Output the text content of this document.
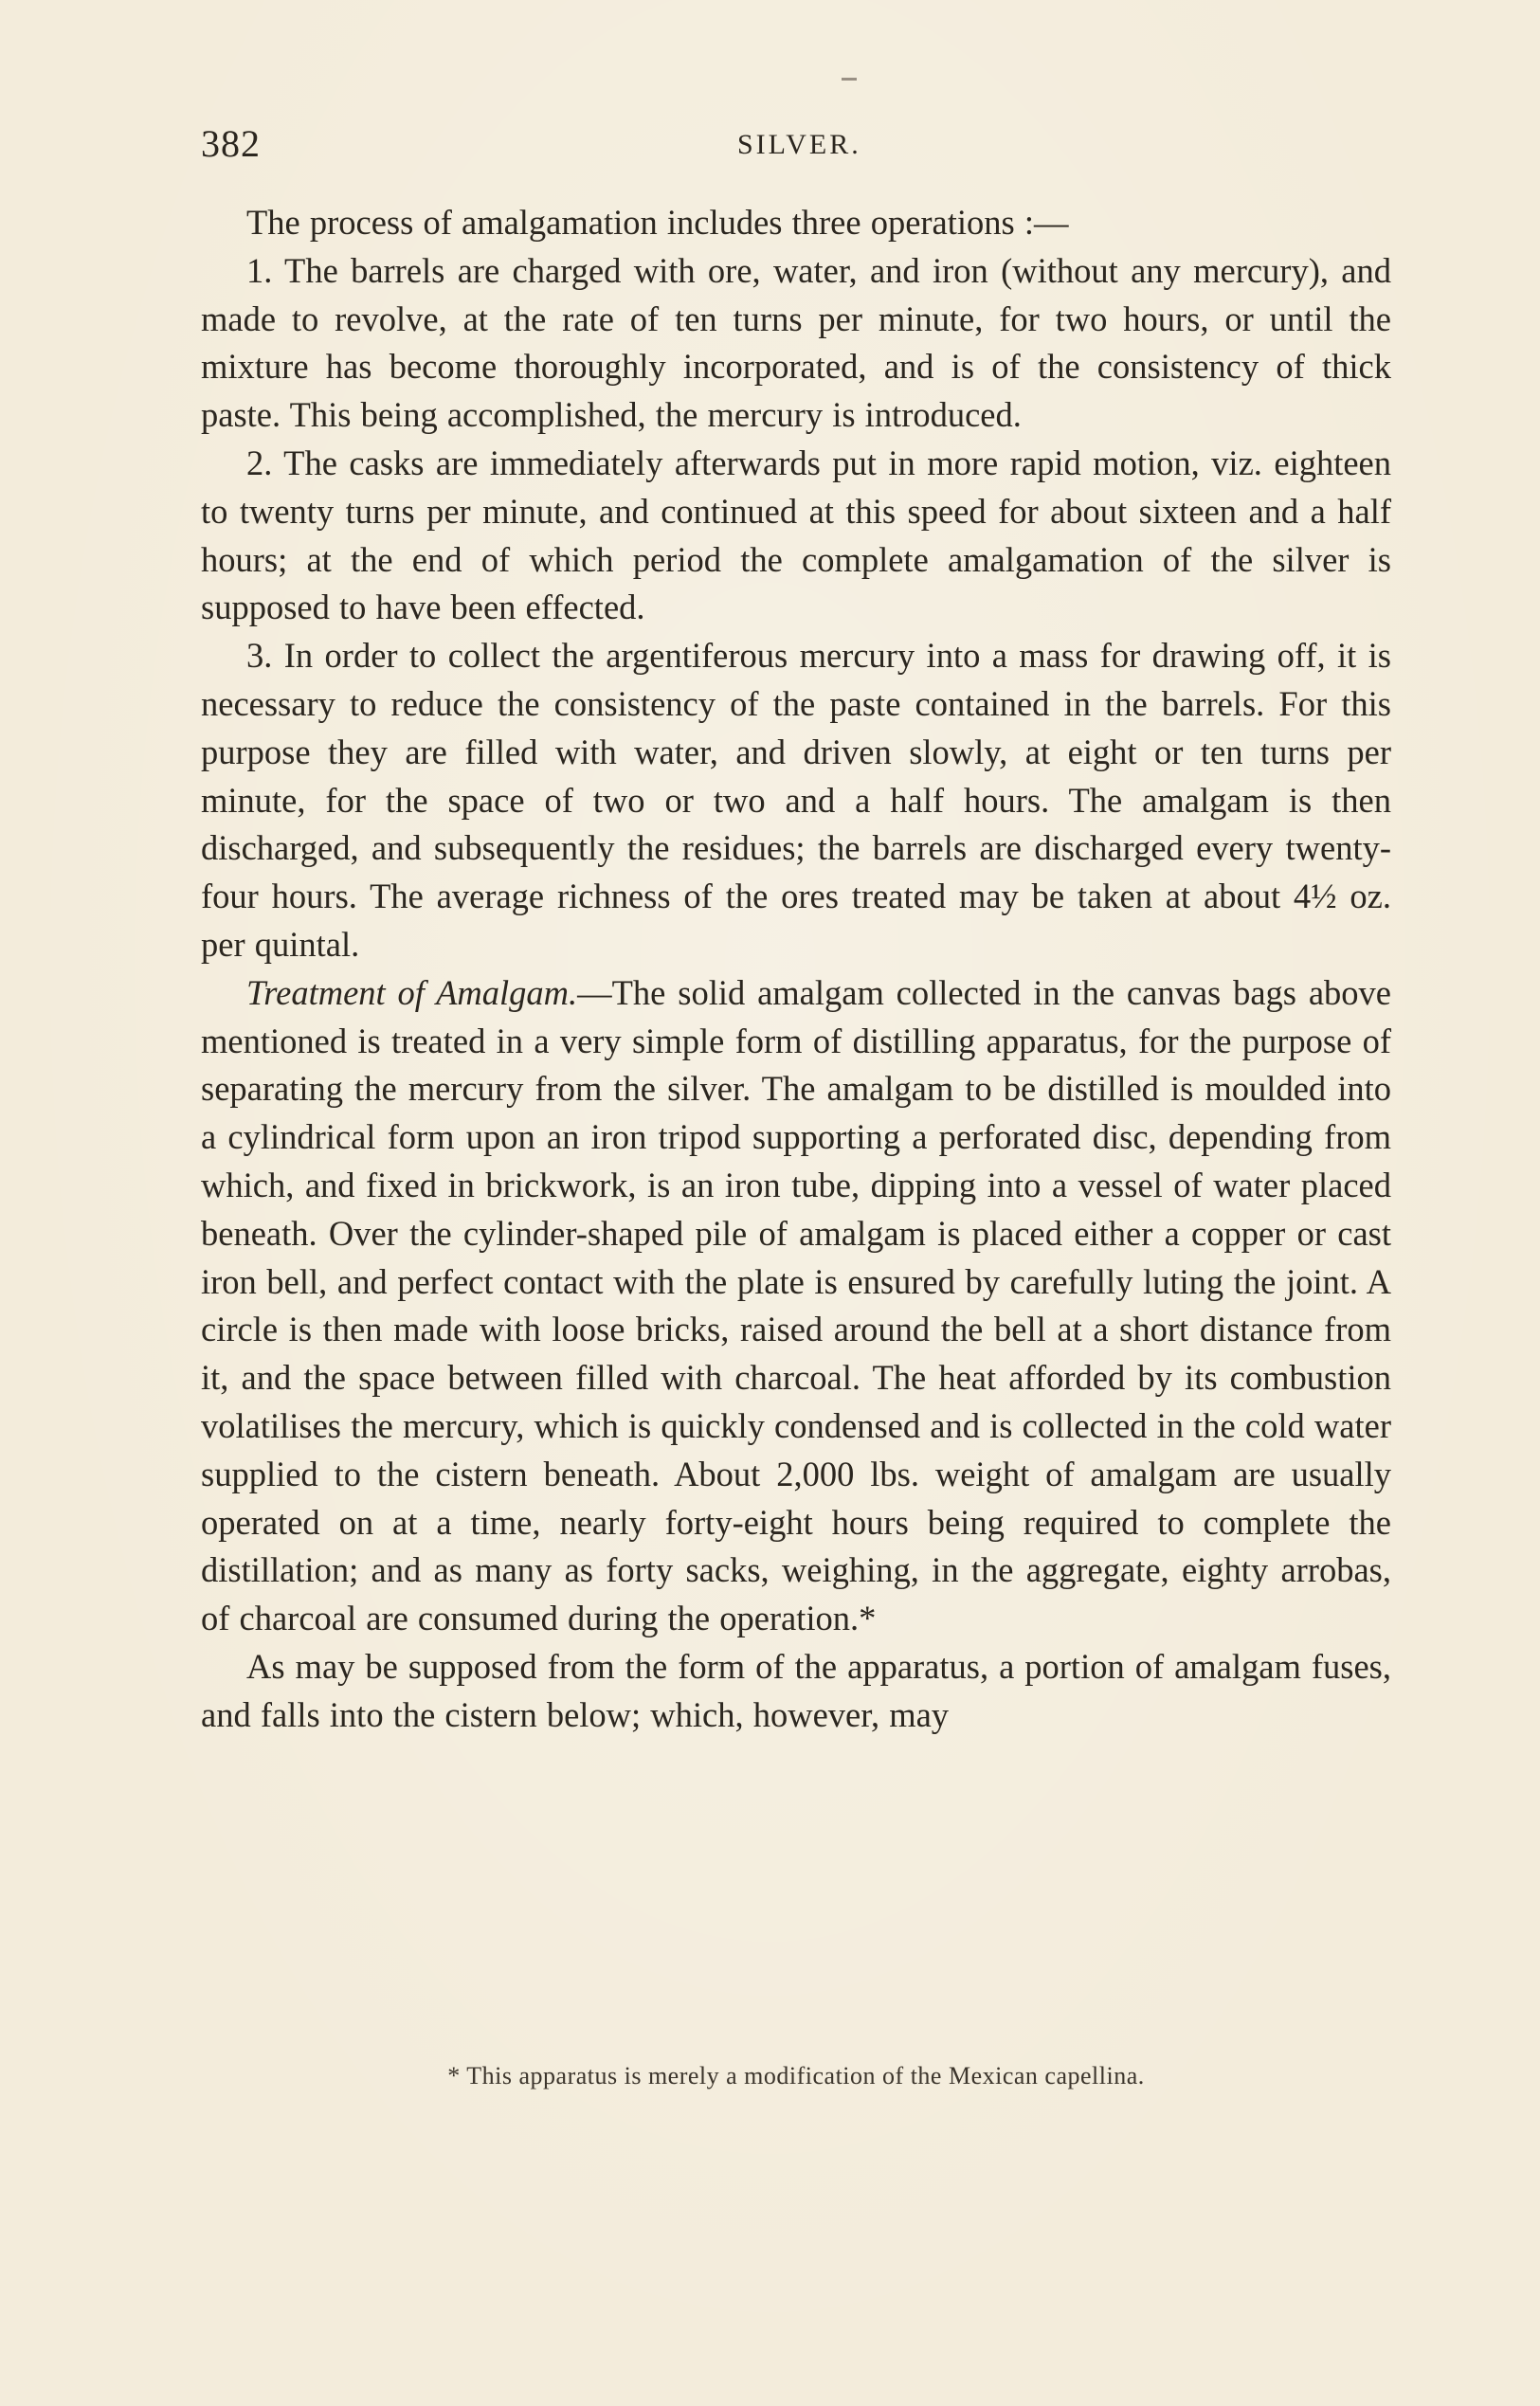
382	SILVER.

The process of amalgamation includes three operations :—

1. The barrels are charged with ore, water, and iron (without any mercury), and made to revolve, at the rate of ten turns per minute, for two hours, or until the mixture has become thoroughly incorporated, and is of the consistency of thick paste. This being accomplished, the mercury is introduced.

2. The casks are immediately afterwards put in more rapid motion, viz. eighteen to twenty turns per minute, and continued at this speed for about sixteen and a half hours; at the end of which period the complete amalgamation of the silver is supposed to have been effected.

3. In order to collect the argentiferous mercury into a mass for drawing off, it is necessary to reduce the consistency of the paste contained in the barrels. For this purpose they are filled with water, and driven slowly, at eight or ten turns per minute, for the space of two or two and a half hours. The amalgam is then discharged, and subsequently the residues; the barrels are discharged every twenty-four hours. The average richness of the ores treated may be taken at about 4½ oz. per quintal.

Treatment of Amalgam.—The solid amalgam collected in the canvas bags above mentioned is treated in a very simple form of distilling apparatus, for the purpose of separating the mercury from the silver. The amalgam to be distilled is moulded into a cylindrical form upon an iron tripod supporting a perforated disc, depending from which, and fixed in brickwork, is an iron tube, dipping into a vessel of water placed beneath. Over the cylinder-shaped pile of amalgam is placed either a copper or cast iron bell, and perfect contact with the plate is ensured by carefully luting the joint. A circle is then made with loose bricks, raised around the bell at a short distance from it, and the space between filled with charcoal. The heat afforded by its combustion volatilises the mercury, which is quickly condensed and is collected in the cold water supplied to the cistern beneath. About 2,000 lbs. weight of amalgam are usually operated on at a time, nearly forty-eight hours being required to complete the distillation; and as many as forty sacks, weighing, in the aggregate, eighty arrobas, of charcoal are consumed during the operation.*

As may be supposed from the form of the apparatus, a portion of amalgam fuses, and falls into the cistern below; which, however, may

* This apparatus is merely a modification of the Mexican capellina.
